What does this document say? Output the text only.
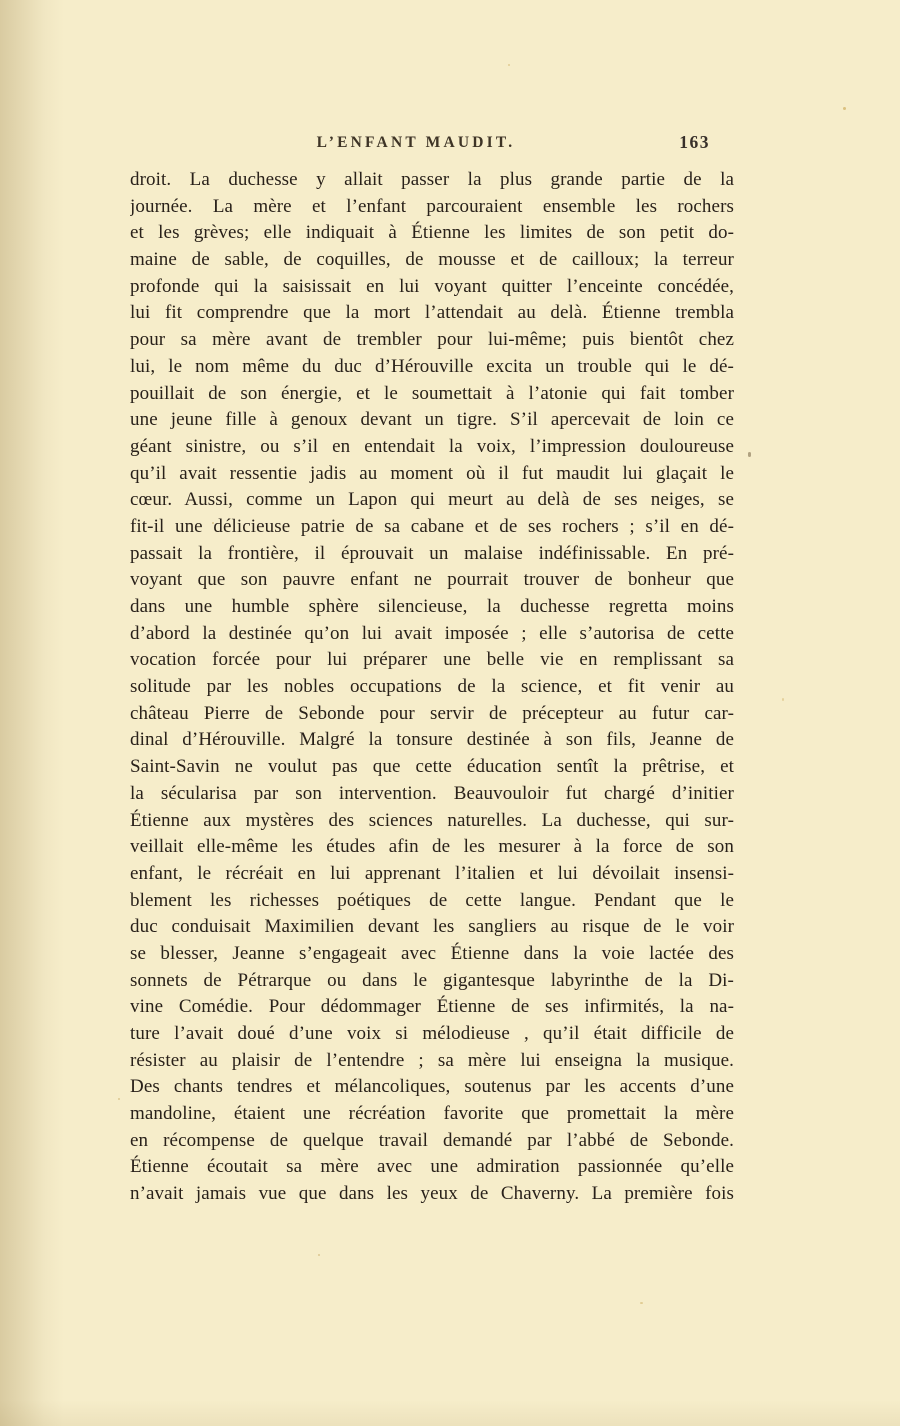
L’ENFANT MAUDIT.	163
droit. La duchesse y allait passer la plus grande partie de la
journée. La mère et l’enfant parcouraient ensemble les rochers
et les grèves; elle indiquait à Étienne les limites de son petit do-
maine de sable, de coquilles, de mousse et de cailloux; la terreur
profonde qui la saisissait en lui voyant quitter l’enceinte concédée,
lui fit comprendre que la mort l’attendait au delà. Étienne trembla
pour sa mère avant de trembler pour lui-même; puis bientôt chez
lui, le nom même du duc d’Hérouville excita un trouble qui le dé-
pouillait de son énergie, et le soumettait à l’atonie qui fait tomber
une jeune fille à genoux devant un tigre. S’il apercevait de loin ce
géant sinistre, ou s’il en entendait la voix, l’impression douloureuse
qu’il avait ressentie jadis au moment où il fut maudit lui glaçait le
cœur. Aussi, comme un Lapon qui meurt au delà de ses neiges, se
fit-il une délicieuse patrie de sa cabane et de ses rochers ; s’il en dé-
passait la frontière, il éprouvait un malaise indéfinissable. En pré-
voyant que son pauvre enfant ne pourrait trouver de bonheur que
dans une humble sphère silencieuse, la duchesse regretta moins
d’abord la destinée qu’on lui avait imposée ; elle s’autorisa de cette
vocation forcée pour lui préparer une belle vie en remplissant sa
solitude par les nobles occupations de la science, et fit venir au
château Pierre de Sebonde pour servir de précepteur au futur car-
dinal d’Hérouville. Malgré la tonsure destinée à son fils, Jeanne de
Saint-Savin ne voulut pas que cette éducation sentît la prêtrise, et
la sécularisa par son intervention. Beauvouloir fut chargé d’initier
Étienne aux mystères des sciences naturelles. La duchesse, qui sur-
veillait elle-même les études afin de les mesurer à la force de son
enfant, le récréait en lui apprenant l’italien et lui dévoilait insensi-
blement les richesses poétiques de cette langue. Pendant que le
duc conduisait Maximilien devant les sangliers au risque de le voir
se blesser, Jeanne s’engageait avec Étienne dans la voie lactée des
sonnets de Pétrarque ou dans le gigantesque labyrinthe de la Di-
vine Comédie. Pour dédommager Étienne de ses infirmités, la na-
ture l’avait doué d’une voix si mélodieuse , qu’il était difficile de
résister au plaisir de l’entendre ; sa mère lui enseigna la musique.
Des chants tendres et mélancoliques, soutenus par les accents d’une
mandoline, étaient une récréation favorite que promettait la mère
en récompense de quelque travail demandé par l’abbé de Sebonde.
Étienne écoutait sa mère avec une admiration passionnée qu’elle
n’avait jamais vue que dans les yeux de Chaverny. La première fois
